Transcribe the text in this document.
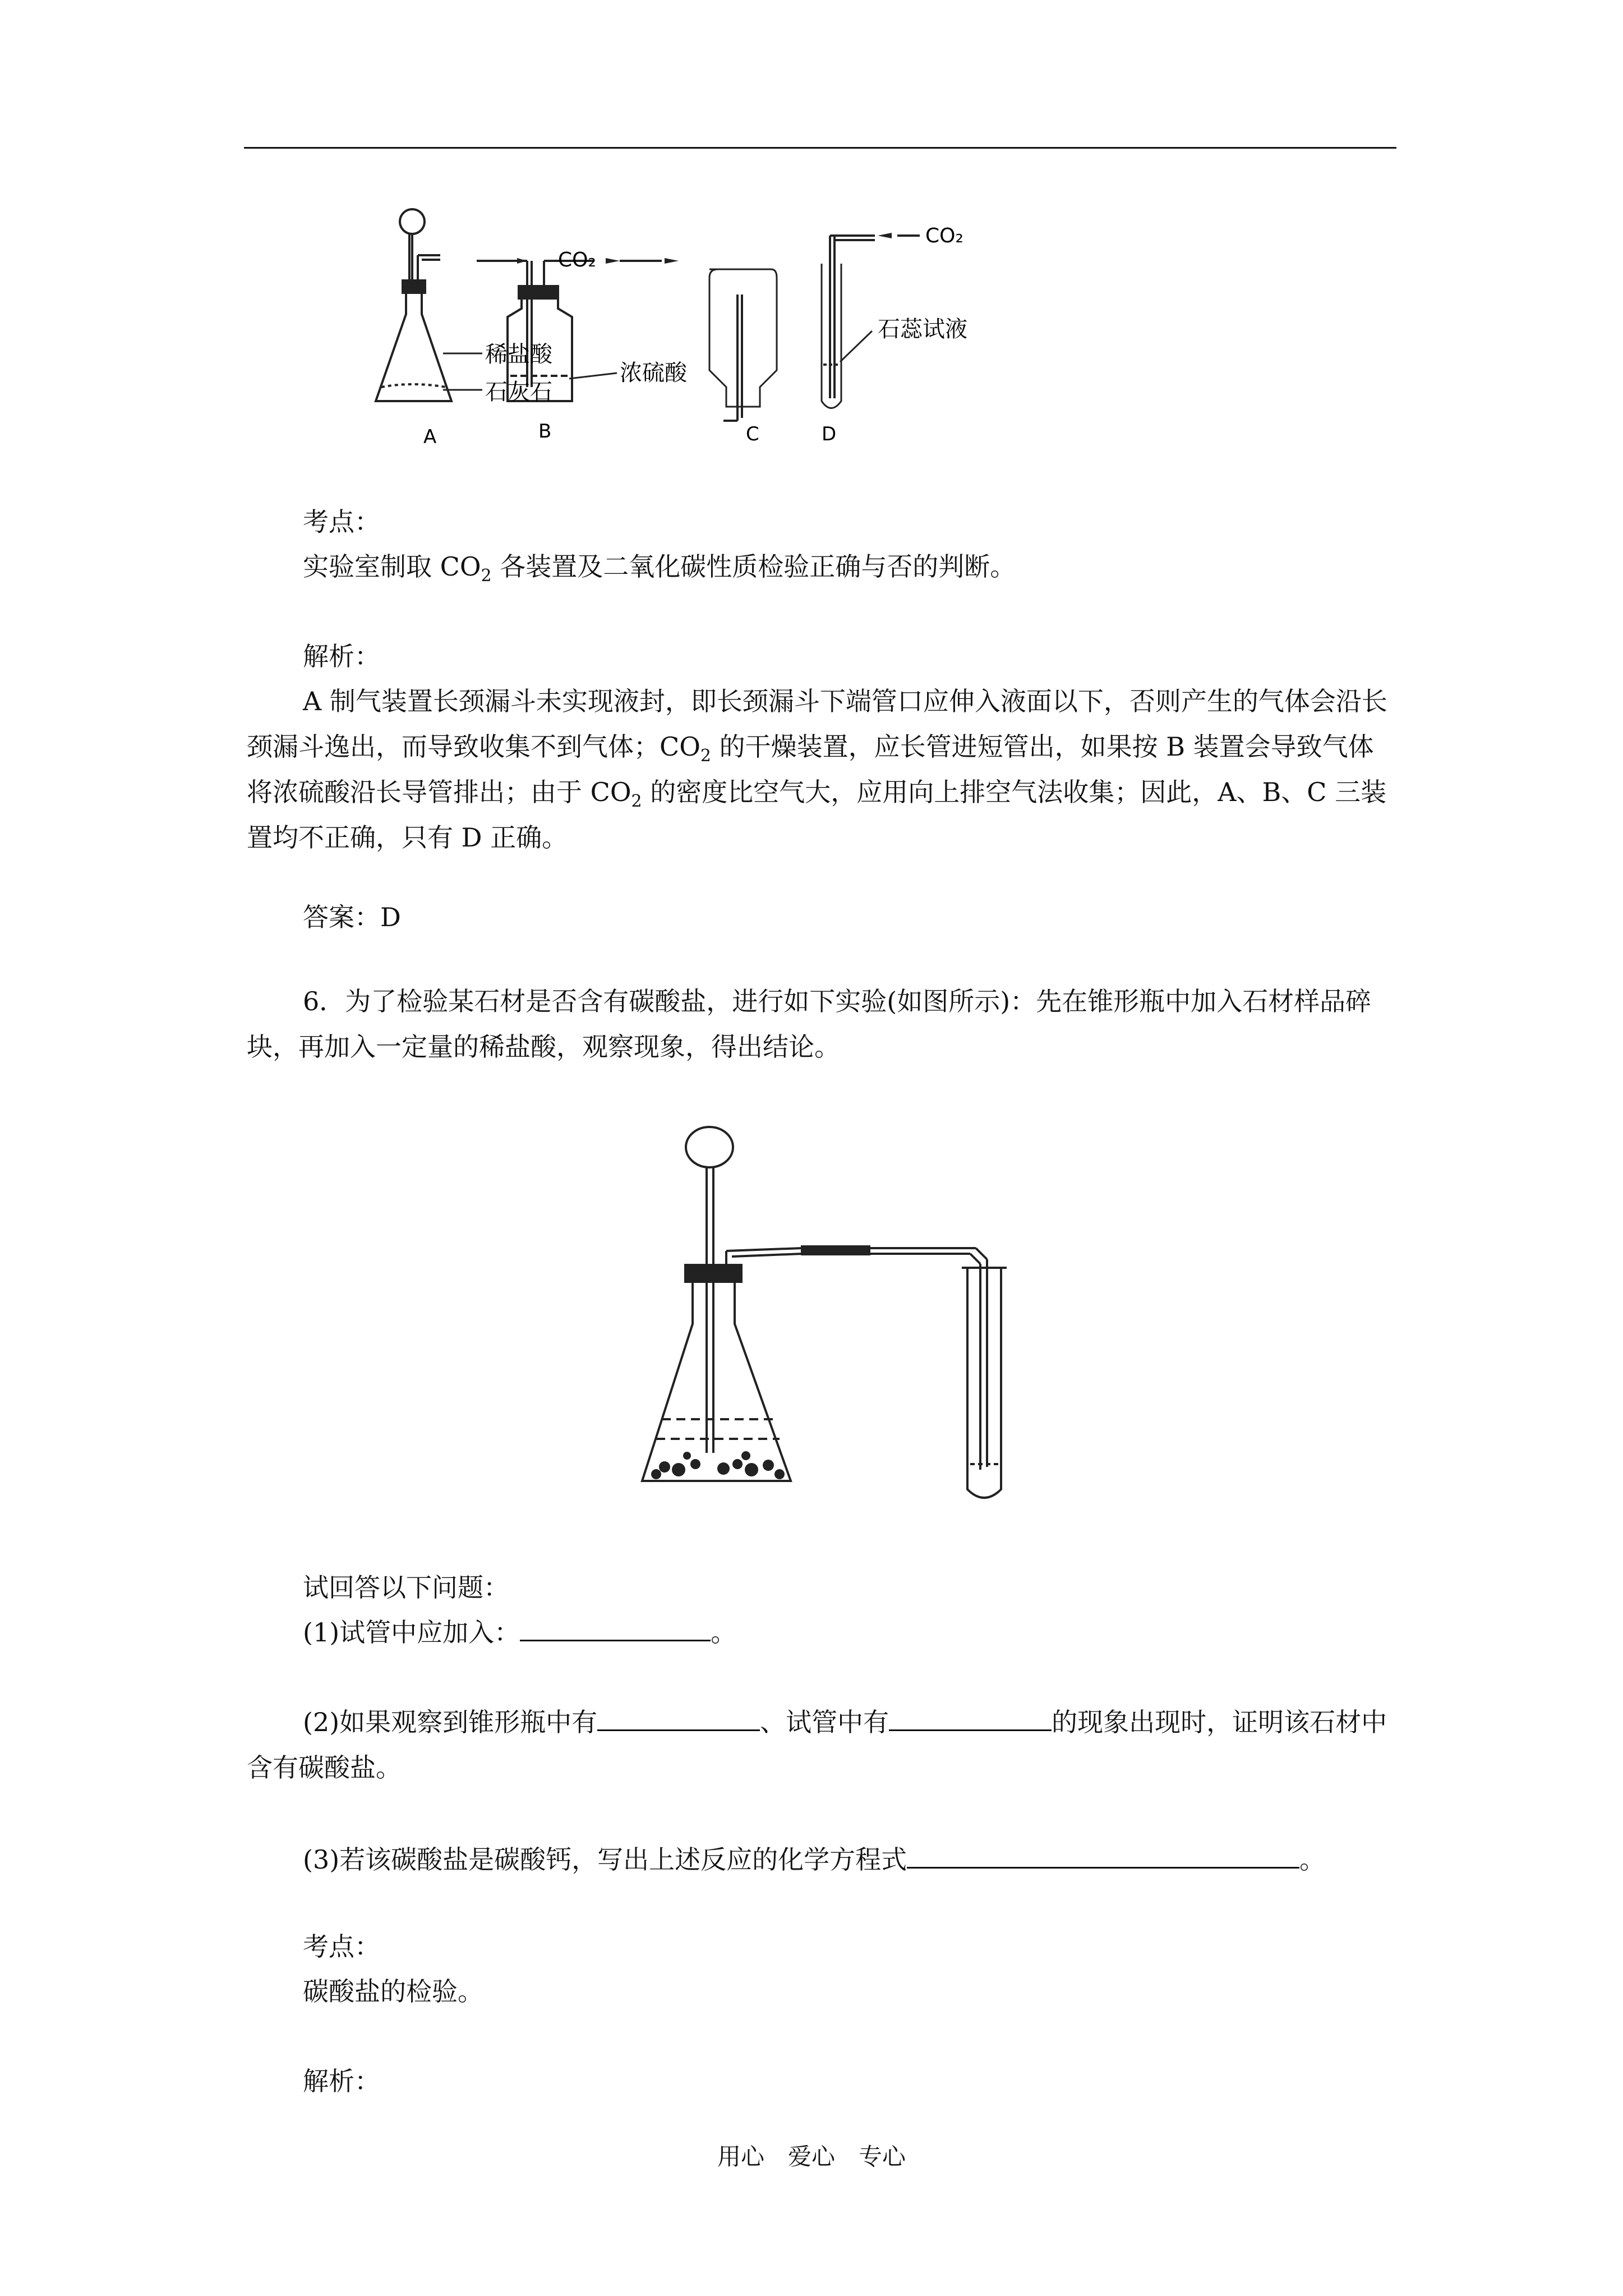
A	B	C	D
稀盐酸
石灰石
浓硫酸
石蕊试液
CO₂
CO₂
考点：
实验室制取 $CO_2$ 各装置及二氧化碳性质检验正确与否的判断。
解析：
A 制气装置长颈漏斗未实现液封，即长颈漏斗下端管口应伸入液面以下，否则产生的气体会沿长颈漏斗逸出，而导致收集不到气体；$CO_2$ 的干燥装置，应长管进短管出，如果按 B 装置会导致气体将浓硫酸沿长导管排出；由于 $CO_2$ 的密度比空气大，应用向上排空气法收集；因此，A、B、C 三装置均不正确，只有 D 正确。
答案：D
6．为了检验某石材是否含有碳酸盐，进行如下实验(如图所示)：先在锥形瓶中加入石材样品碎块，再加入一定量的稀盐酸，观察现象，得出结论。
试回答以下问题：
(1)试管中应加入：	。
(2)如果观察到锥形瓶中有	、试管中有	的现象出现时，证明该石材中含有碳酸盐。
(3)若该碳酸盐是碳酸钙，写出上述反应的化学方程式	。
考点：
碳酸盐的检验。
解析：
用心　爱心　专心
